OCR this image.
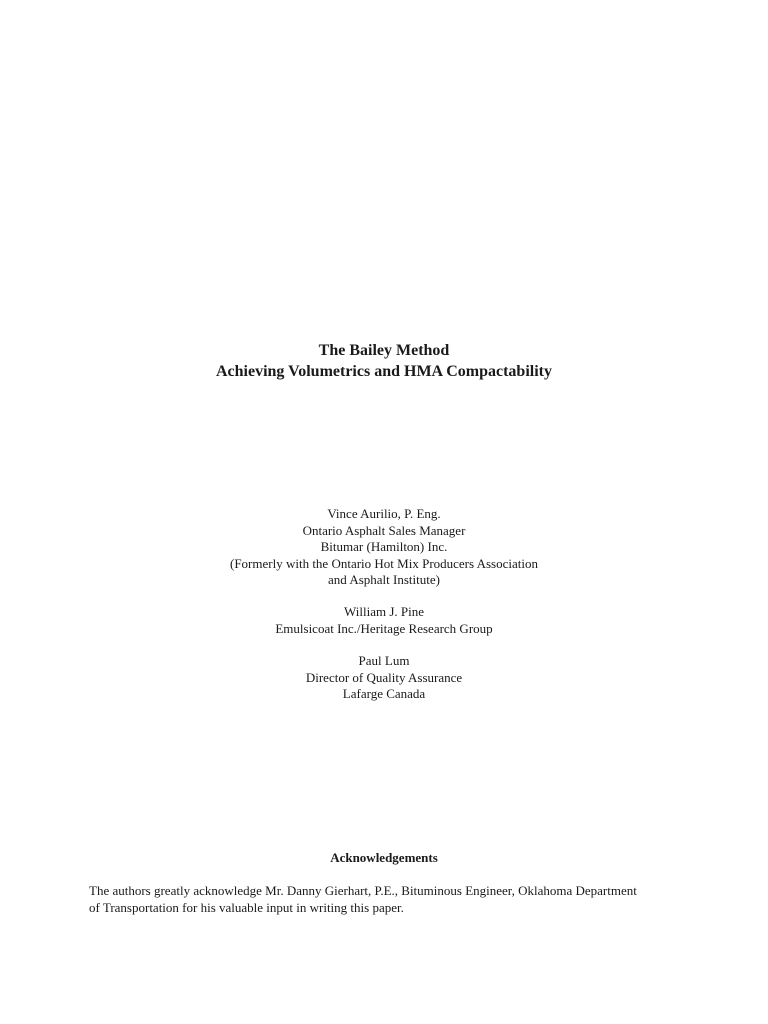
The Bailey Method
Achieving Volumetrics and HMA Compactability
Vince Aurilio, P. Eng.
Ontario Asphalt Sales Manager
Bitumar (Hamilton) Inc.
(Formerly with the Ontario Hot Mix Producers Association
and Asphalt Institute)
William J. Pine
Emulsicoat Inc./Heritage Research Group
Paul Lum
Director of Quality Assurance
Lafarge Canada
Acknowledgements
The authors greatly acknowledge Mr. Danny Gierhart, P.E., Bituminous Engineer, Oklahoma Department
of Transportation for his valuable input in writing this paper.
